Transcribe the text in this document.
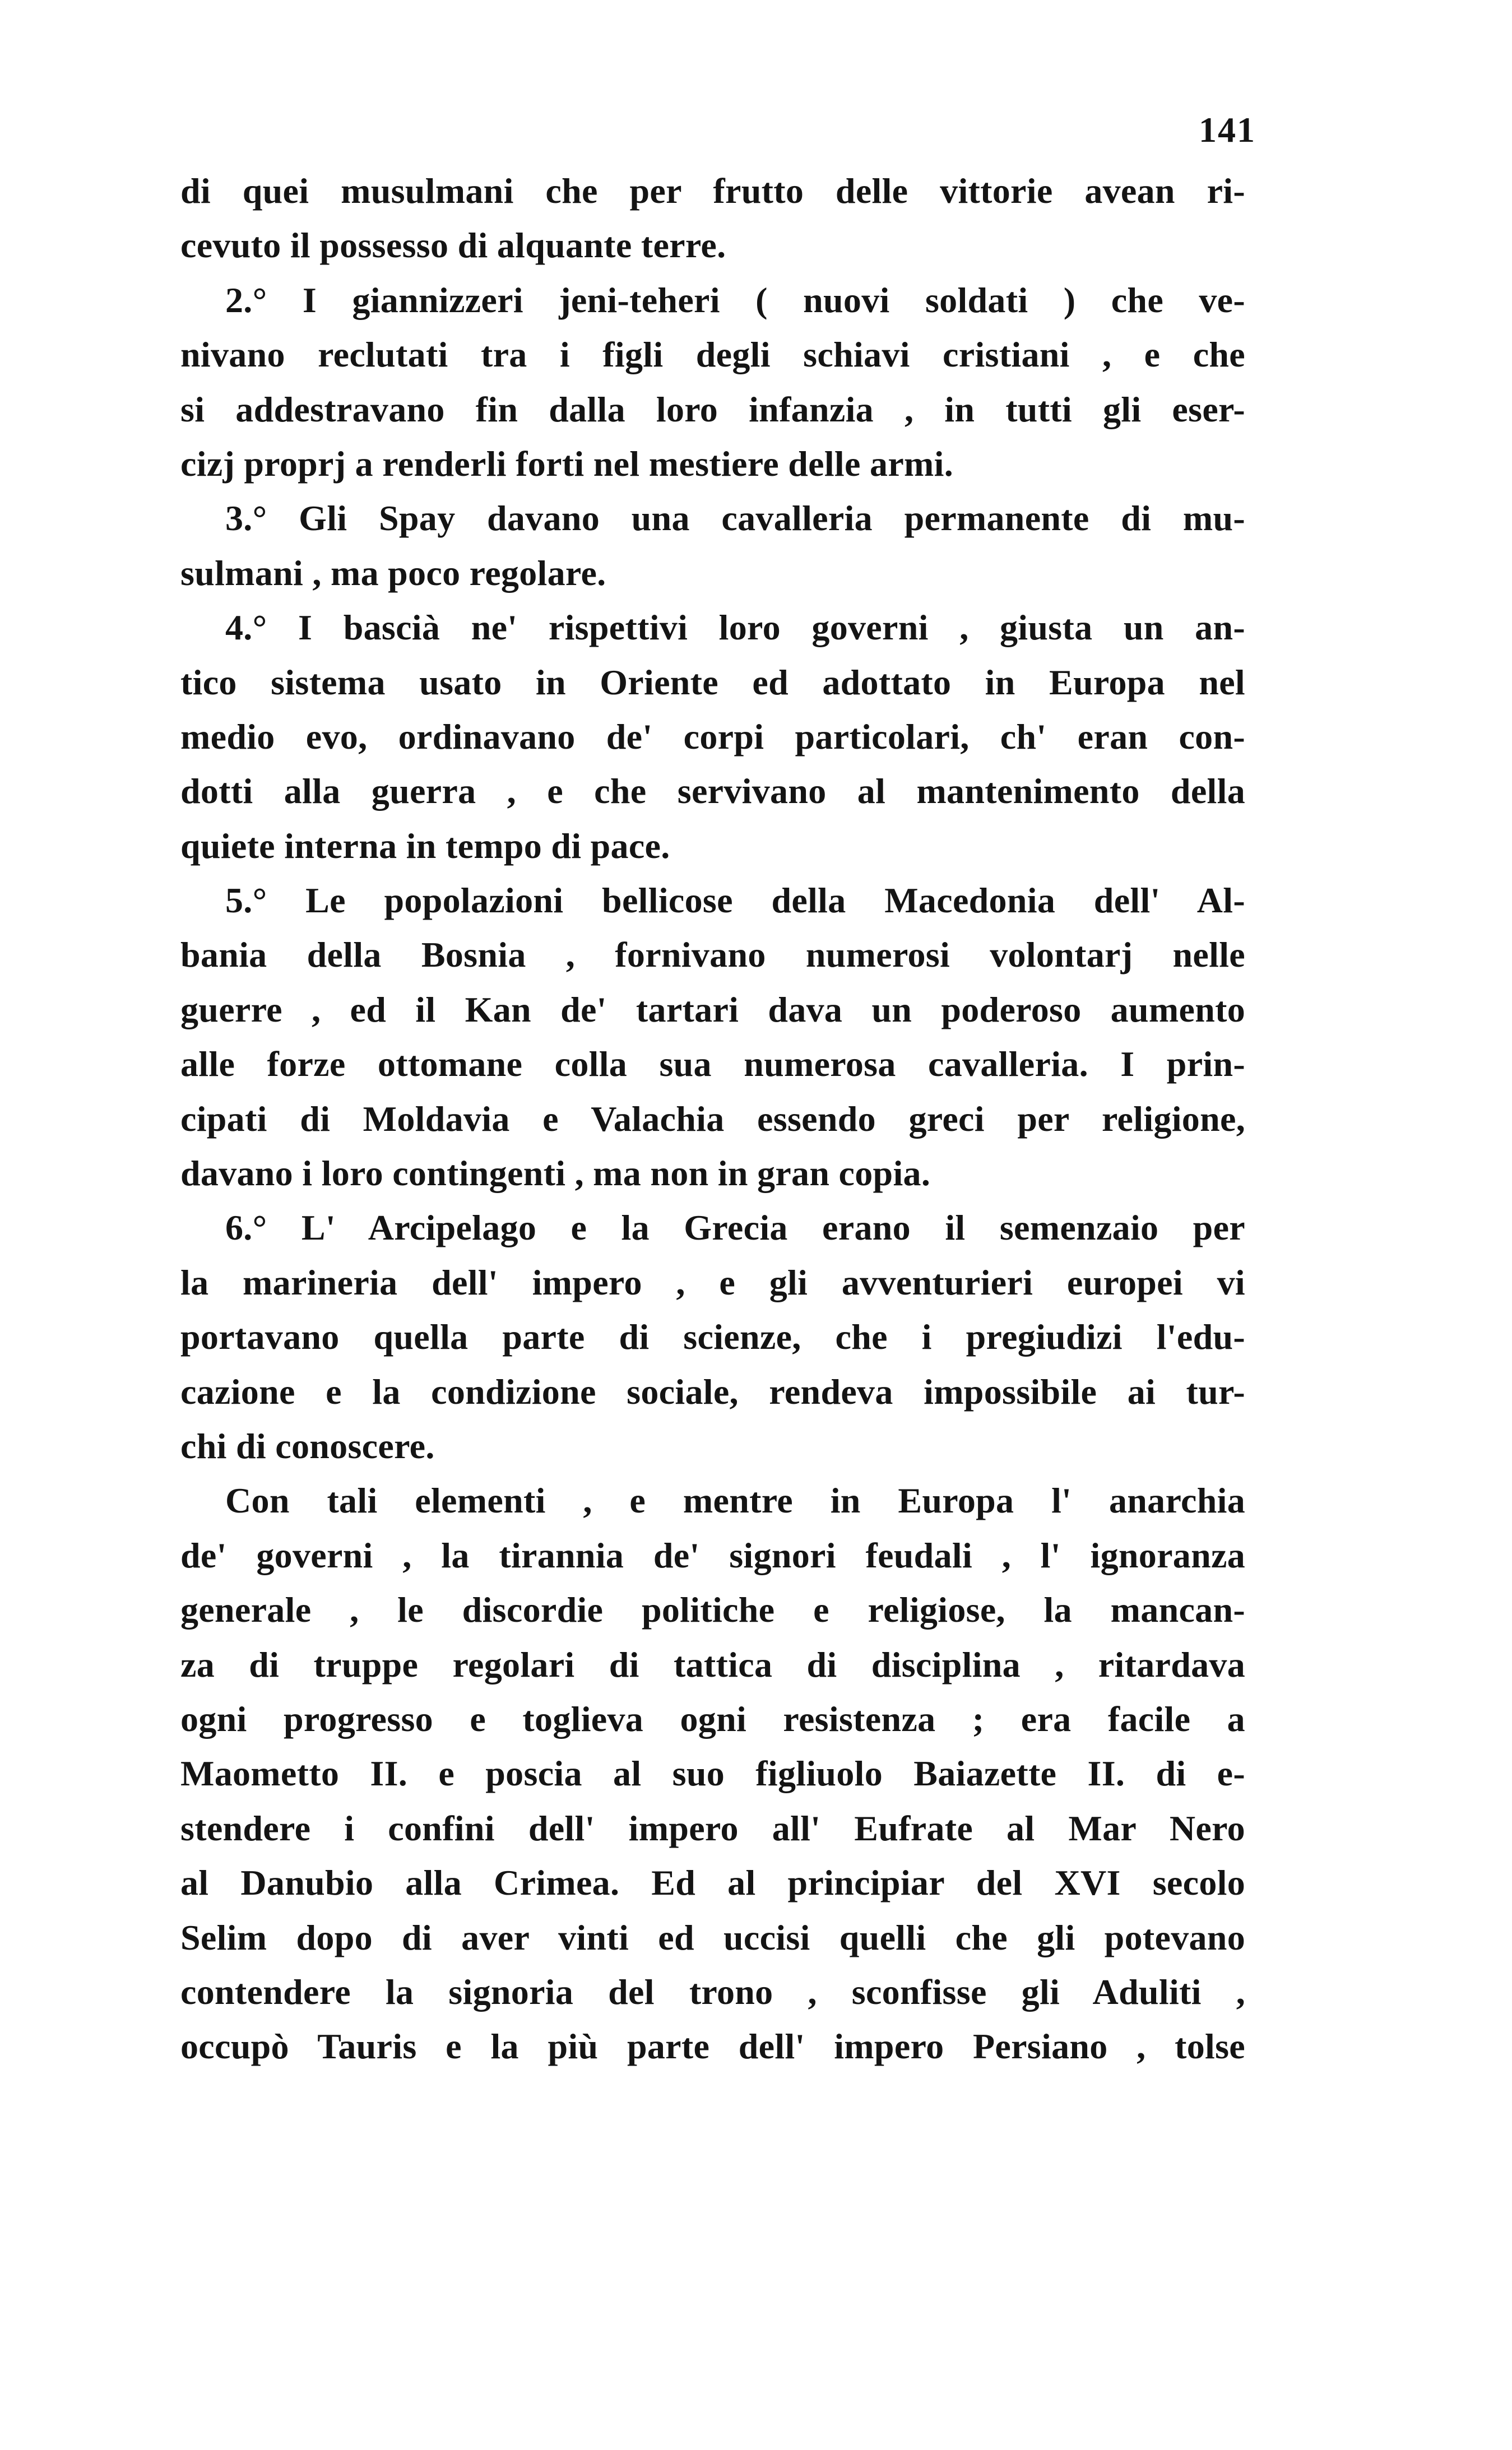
141
di quei musulmani che per frutto delle vittorie avean ri-
cevuto il possesso di alquante terre.
2.° I giannizzeri jeni-teheri ( nuovi soldati ) che ve-
nivano reclutati tra i figli degli schiavi cristiani , e che
si addestravano fin dalla loro infanzia , in tutti gli eser-
cizj proprj a renderli forti nel mestiere delle armi.
3.° Gli Spay davano una cavalleria permanente di mu-
sulmani , ma poco regolare.
4.° I bascià ne' rispettivi loro governi , giusta un an-
tico sistema usato in Oriente ed adottato in Europa nel
medio evo, ordinavano de' corpi particolari, ch' eran con-
dotti alla guerra , e che servivano al mantenimento della
quiete interna in tempo di pace.
5.° Le popolazioni bellicose della Macedonia dell' Al-
bania della Bosnia , fornivano numerosi volontarj nelle
guerre , ed il Kan de' tartari dava un poderoso aumento
alle forze ottomane colla sua numerosa cavalleria. I prin-
cipati di Moldavia e Valachia essendo greci per religione,
davano i loro contingenti , ma non in gran copia.
6.° L' Arcipelago e la Grecia erano il semenzaio per
la marineria dell' impero , e gli avventurieri europei vi
portavano quella parte di scienze, che i pregiudizi l'edu-
cazione e la condizione sociale, rendeva impossibile ai tur-
chi di conoscere.
Con tali elementi , e mentre in Europa l' anarchia
de' governi , la tirannia de' signori feudali , l' ignoranza
generale , le discordie politiche e religiose, la mancan-
za di truppe regolari di tattica di disciplina , ritardava
ogni progresso e toglieva ogni resistenza ; era facile a
Maometto II. e poscia al suo figliuolo Baiazette II. di e-
stendere i confini dell' impero all' Eufrate al Mar Nero
al Danubio alla Crimea. Ed al principiar del XVI secolo
Selim dopo di aver vinti ed uccisi quelli che gli potevano
contendere la signoria del trono , sconfisse gli Aduliti ,
occupò Tauris e la più parte dell' impero Persiano , tolse
